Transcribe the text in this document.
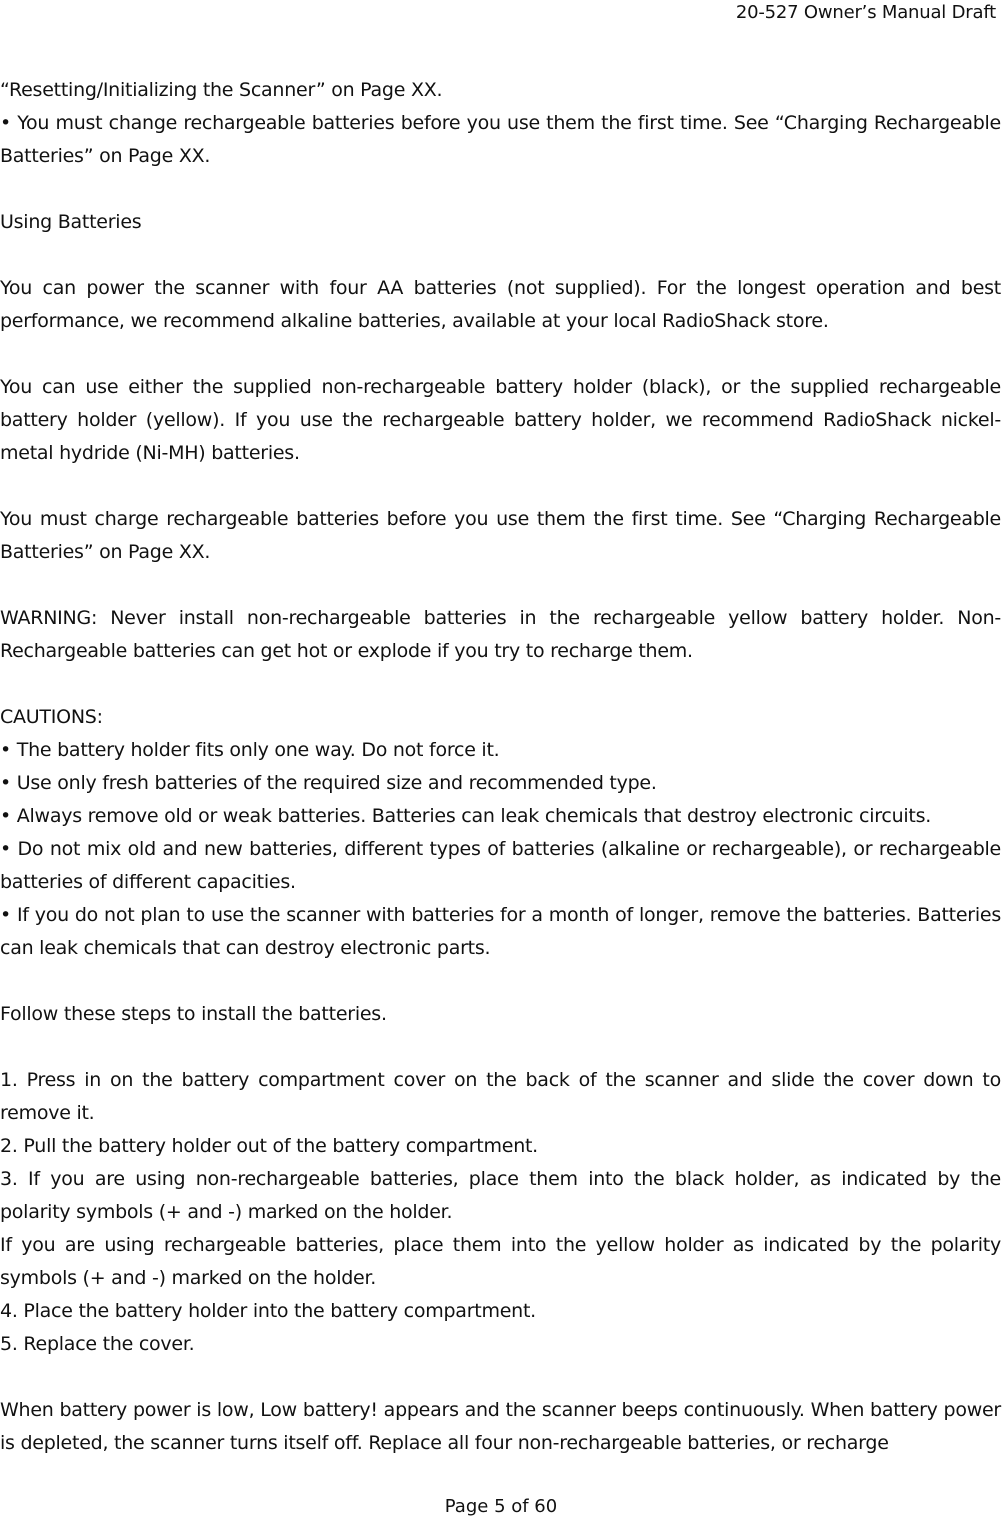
20-527 Owner’s Manual Draft

“Resetting/Initializing the Scanner” on Page XX.

• You must change rechargeable batteries before you use them the first time. See “Charging Rechargeable Batteries” on Page XX.

Using Batteries

You can power the scanner with four AA batteries (not supplied). For the longest operation and best performance, we recommend alkaline batteries, available at your local RadioShack store.

You can use either the supplied non-rechargeable battery holder (black), or the supplied rechargeable battery holder (yellow). If you use the rechargeable battery holder, we recommend RadioShack nickel-metal hydride (Ni-MH) batteries.

You must charge rechargeable batteries before you use them the first time. See “Charging Rechargeable Batteries” on Page XX.

WARNING: Never install non-rechargeable batteries in the rechargeable yellow battery holder. Non-Rechargeable batteries can get hot or explode if you try to recharge them.

CAUTIONS:

• The battery holder fits only one way. Do not force it.

• Use only fresh batteries of the required size and recommended type.

• Always remove old or weak batteries. Batteries can leak chemicals that destroy electronic circuits.

• Do not mix old and new batteries, different types of batteries (alkaline or rechargeable), or rechargeable batteries of different capacities.

• If you do not plan to use the scanner with batteries for a month of longer, remove the batteries. Batteries can leak chemicals that can destroy electronic parts.

Follow these steps to install the batteries.

1. Press in on the battery compartment cover on the back of the scanner and slide the cover down to remove it.

2. Pull the battery holder out of the battery compartment.

3. If you are using non-rechargeable batteries, place them into the black holder, as indicated by the polarity symbols (+ and -) marked on the holder.

If you are using rechargeable batteries, place them into the yellow holder as indicated by the polarity symbols (+ and -) marked on the holder.

4. Place the battery holder into the battery compartment.

5. Replace the cover.

When battery power is low, Low battery! appears and the scanner beeps continuously. When battery power is depleted, the scanner turns itself off. Replace all four non-rechargeable batteries, or recharge

Page 5 of 60
